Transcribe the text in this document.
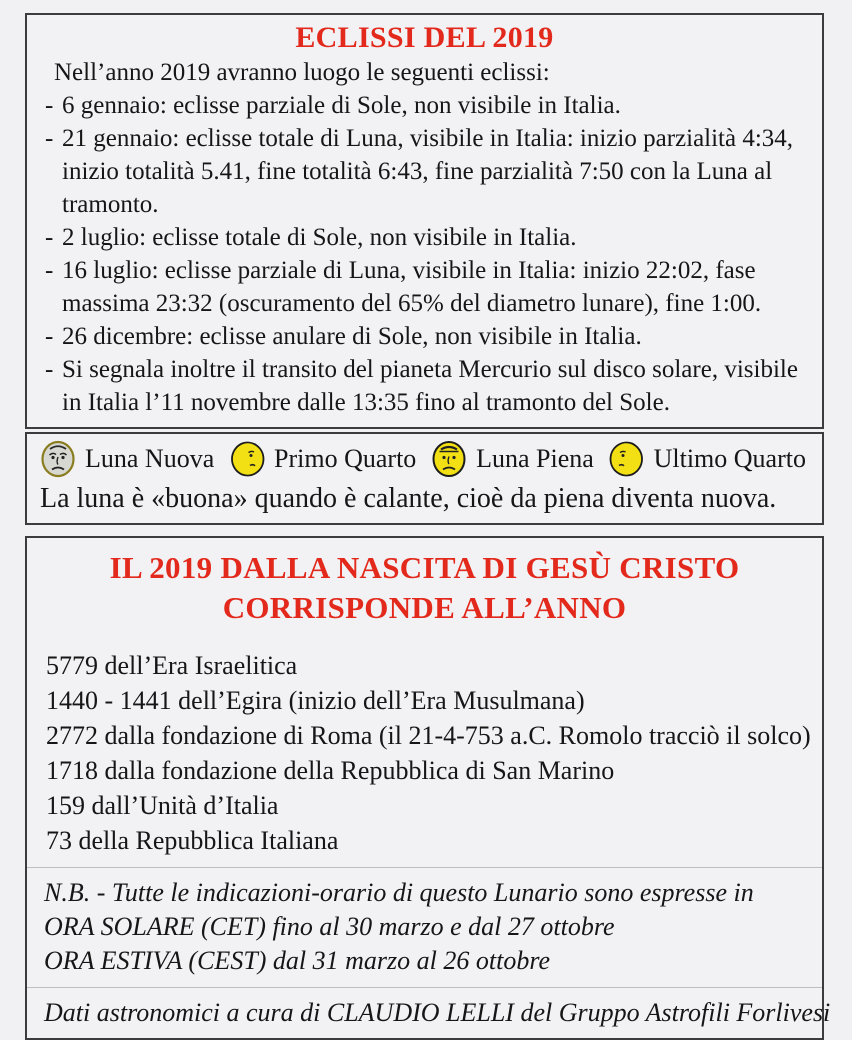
ECLISSI DEL 2019
Nell’anno 2019 avranno luogo le seguenti eclissi:
- 6 gennaio: eclisse parziale di Sole, non visibile in Italia.
- 21 gennaio: eclisse totale di Luna, visibile in Italia: inizio parzialità 4:34, inizio totalità 5.41, fine totalità 6:43, fine parzialità 7:50 con la Luna al tramonto.
- 2 luglio: eclisse totale di Sole, non visibile in Italia.
- 16 luglio: eclisse parziale di Luna, visibile in Italia: inizio 22:02, fase massima 23:32 (oscuramento del 65% del diametro lunare), fine 1:00.
- 26 dicembre: eclisse anulare di Sole, non visibile in Italia.
- Si segnala inoltre il transito del pianeta Mercurio sul disco solare, visibile in Italia l’11 novembre dalle 13:35 fino al tramonto del Sole.
Luna Nuova Primo Quarto Luna Piena Ultimo Quarto
La luna è «buona» quando è calante, cioè da piena diventa nuova.
IL 2019 DALLA NASCITA DI GESÙ CRISTO
CORRISPONDE ALL’ANNO
5779 dell’Era Israelitica
1440 - 1441 dell’Egira (inizio dell’Era Musulmana)
2772 dalla fondazione di Roma (il 21-4-753 a.C. Romolo tracciò il solco)
1718 dalla fondazione della Repubblica di San Marino
159 dall’Unità d’Italia
73 della Repubblica Italiana
N.B. - Tutte le indicazioni-orario di questo Lunario sono espresse in
ORA SOLARE (CET) fino al 30 marzo e dal 27 ottobre
ORA ESTIVA (CEST) dal 31 marzo al 26 ottobre
Dati astronomici a cura di CLAUDIO LELLI del Gruppo Astrofili Forlivesi
